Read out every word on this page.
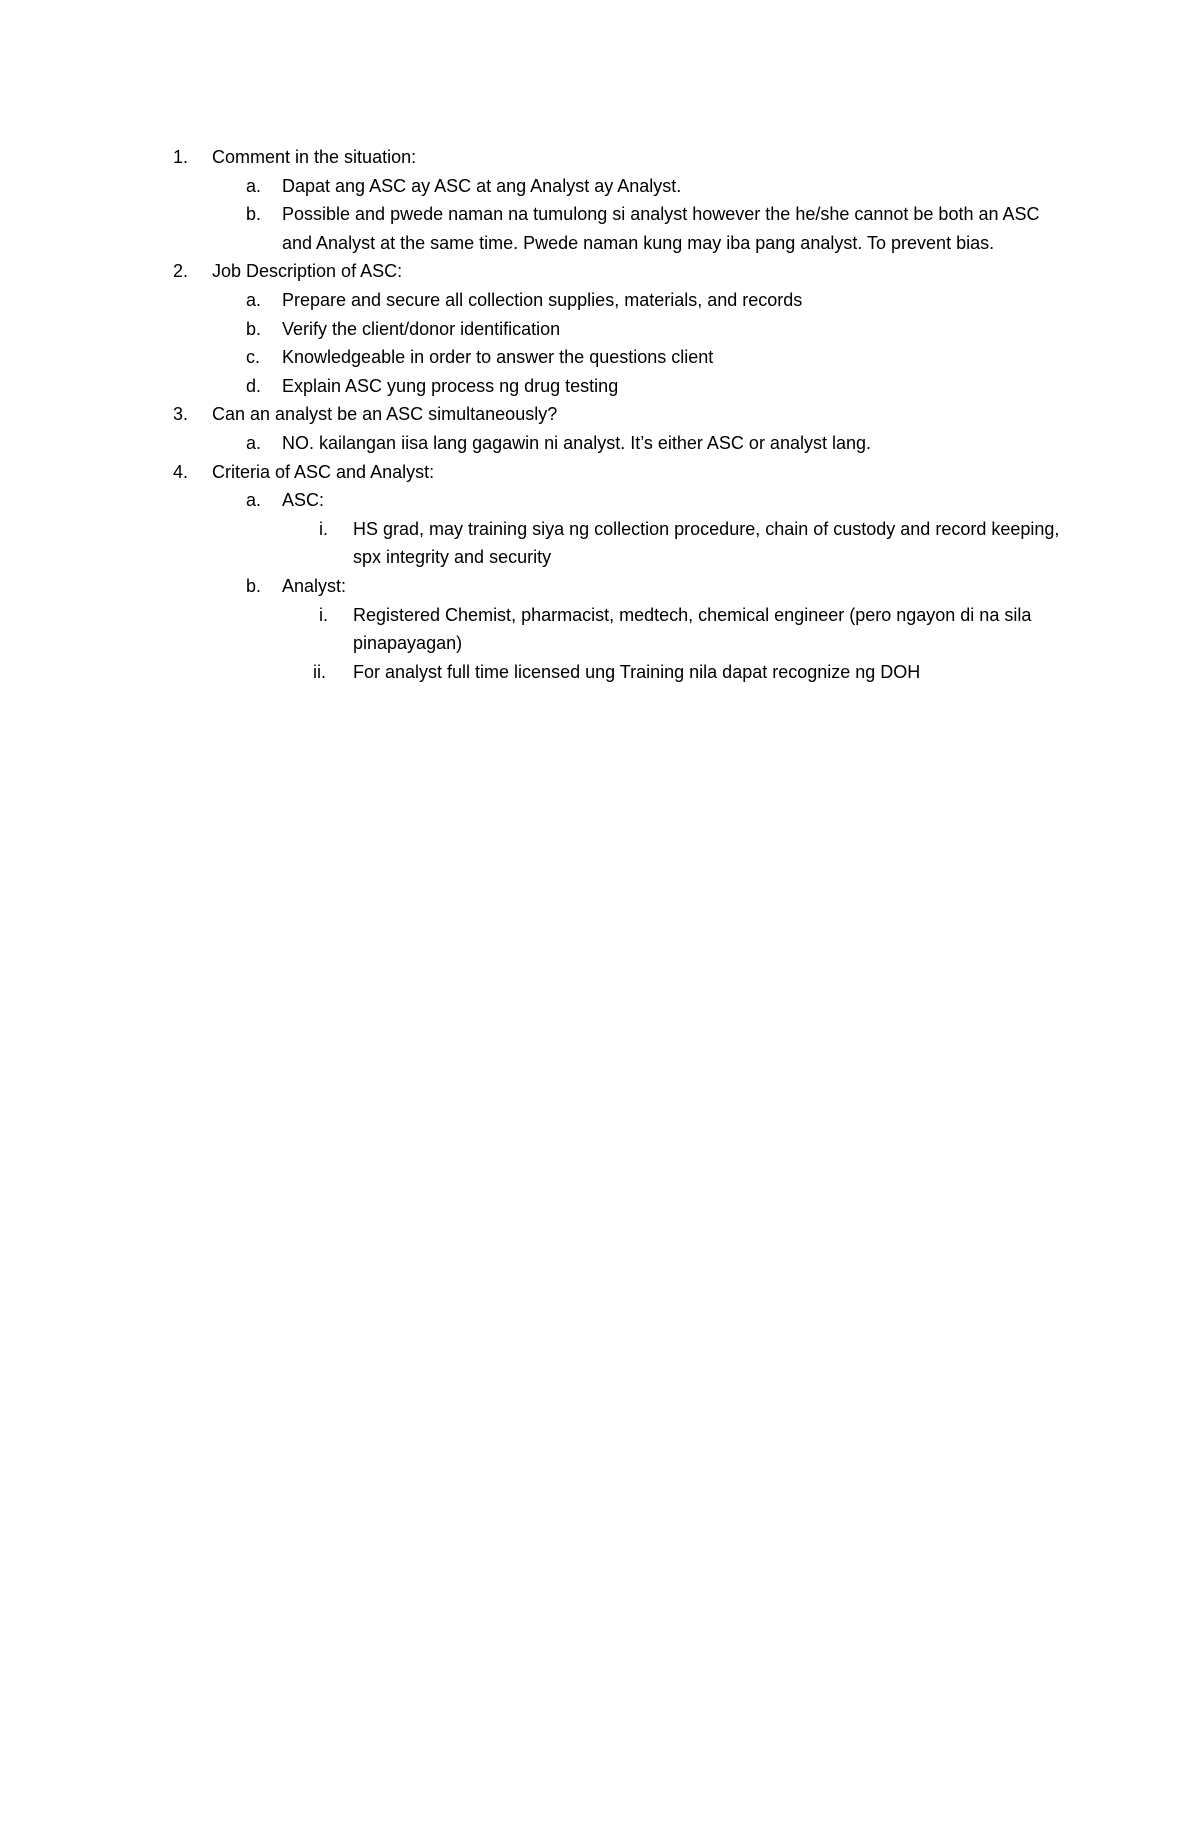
1. Comment in the situation:
a. Dapat ang ASC ay ASC at ang Analyst ay Analyst.
b. Possible and pwede naman na tumulong si analyst however the he/she cannot be both an ASC and Analyst at the same time. Pwede naman kung may iba pang analyst. To prevent bias.
2. Job Description of ASC:
a. Prepare and secure all collection supplies, materials, and records
b. Verify the client/donor identification
c. Knowledgeable in order to answer the questions client
d. Explain ASC yung process ng drug testing
3. Can an analyst be an ASC simultaneously?
a. NO. kailangan iisa lang gagawin ni analyst. It’s either ASC or analyst lang.
4. Criteria of ASC and Analyst:
a. ASC:
i. HS grad, may training siya ng collection procedure, chain of custody and record keeping, spx integrity and security
b. Analyst:
i. Registered Chemist, pharmacist, medtech, chemical engineer (pero ngayon di na sila pinapayagan)
ii. For analyst full time licensed ung Training nila dapat recognize ng DOH
